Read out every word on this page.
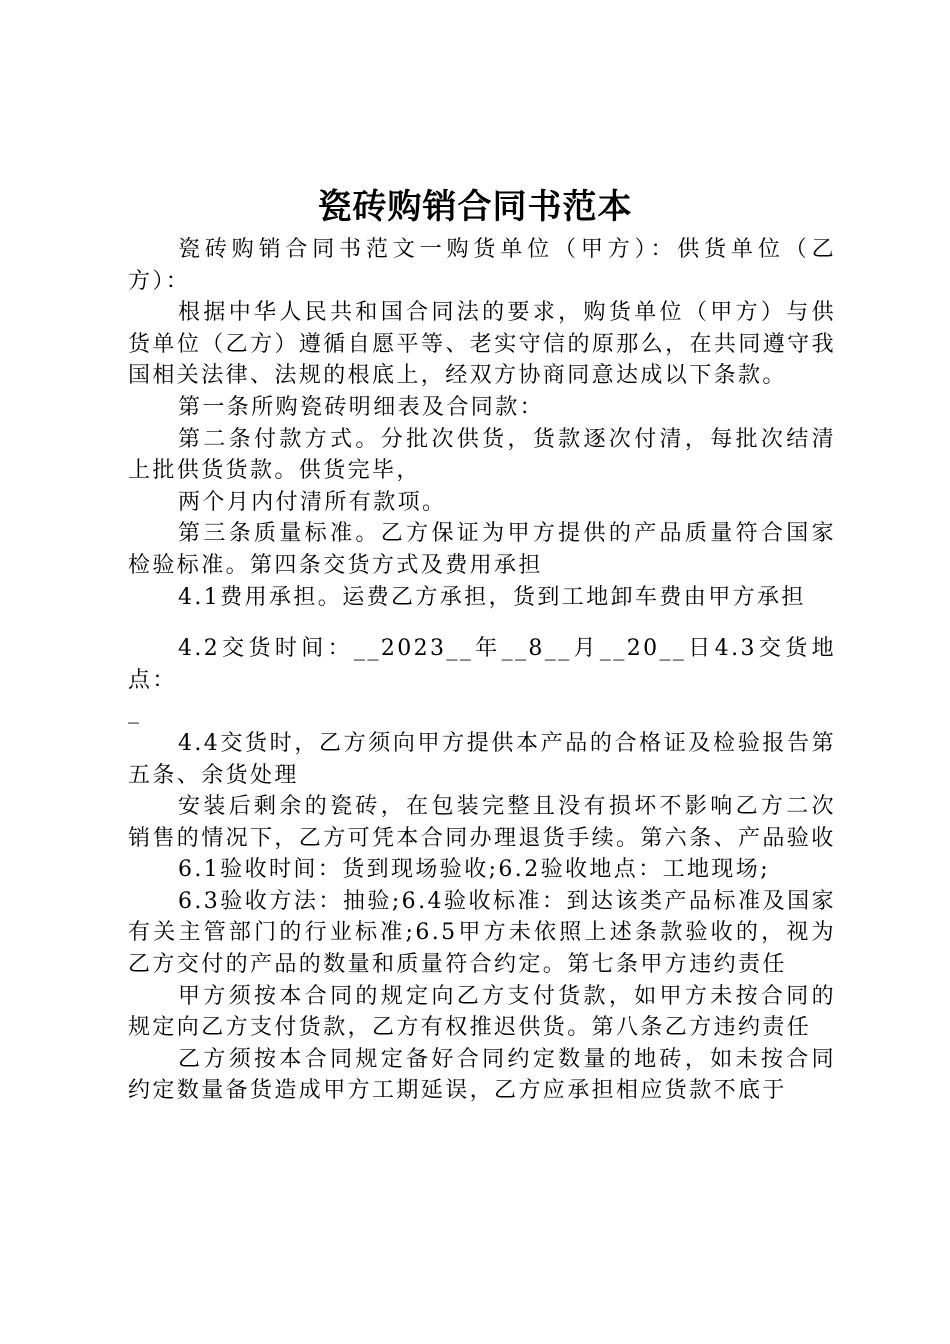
瓷砖购销合同书范本

瓷砖购销合同书范文一购货单位（甲方）：供货单位（乙方）：

根据中华人民共和国合同法的要求，购货单位（甲方）与供货单位（乙方）遵循自愿平等、老实守信的原那么，在共同遵守我国相关法律、法规的根底上，经双方协商同意达成以下条款。

第一条所购瓷砖明细表及合同款：

第二条付款方式。分批次供货，货款逐次付清，每批次结清上批供货货款。供货完毕，

两个月内付清所有款项。

第三条质量标准。乙方保证为甲方提供的产品质量符合国家检验标准。第四条交货方式及费用承担

4.1费用承担。运费乙方承担，货到工地卸车费由甲方承担

4.2交货时间：__2023__年__8__月__20__日4.3交货地点：

_

4.4交货时，乙方须向甲方提供本产品的合格证及检验报告第五条、余货处理

安装后剩余的瓷砖，在包装完整且没有损坏不影响乙方二次销售的情况下，乙方可凭本合同办理退货手续。第六条、产品验收

6.1验收时间：货到现场验收;6.2验收地点：工地现场;

6.3验收方法：抽验;6.4验收标准：到达该类产品标准及国家有关主管部门的行业标准;6.5甲方未依照上述条款验收的，视为乙方交付的产品的数量和质量符合约定。第七条甲方违约责任

甲方须按本合同的规定向乙方支付货款，如甲方未按合同的规定向乙方支付货款，乙方有权推迟供货。第八条乙方违约责任

乙方须按本合同规定备好合同约定数量的地砖，如未按合同约定数量备货造成甲方工期延误，乙方应承担相应货款不底于
